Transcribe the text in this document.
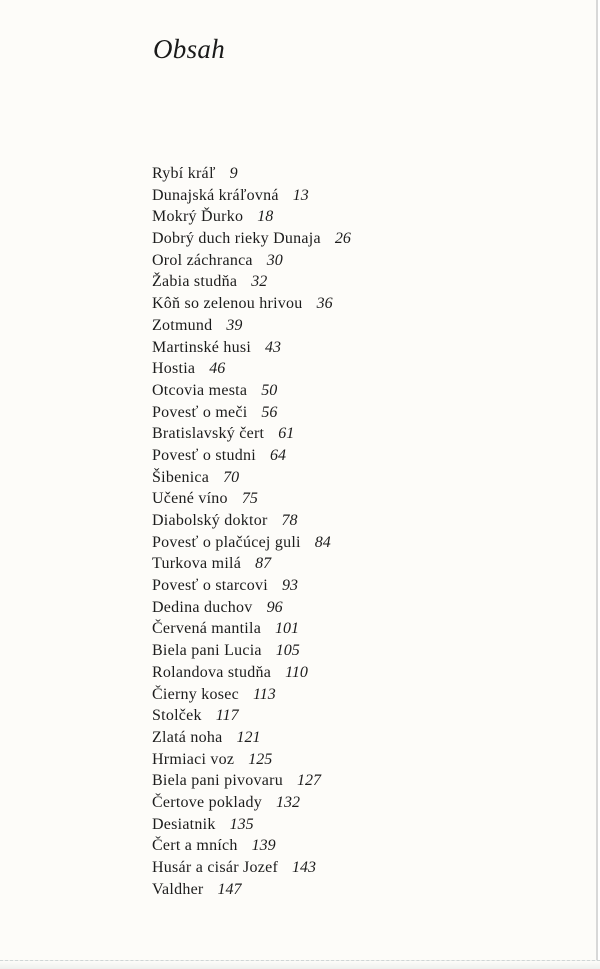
Obsah
Rybí kráľ 9
Dunajská kráľovná 13
Mokrý Ďurko 18
Dobrý duch rieky Dunaja 26
Orol záchranca 30
Žabia studňa 32
Kôň so zelenou hrivou 36
Zotmund 39
Martinské husi 43
Hostia 46
Otcovia mesta 50
Povesť o meči 56
Bratislavský čert 61
Povesť o studni 64
Šibenica 70
Učené víno 75
Diabolský doktor 78
Povesť o plačúcej guli 84
Turkova milá 87
Povesť o starcovi 93
Dedina duchov 96
Červená mantila 101
Biela pani Lucia 105
Rolandova studňa 110
Čierny kosec 113
Stolček 117
Zlatá noha 121
Hrmiaci voz 125
Biela pani pivovaru 127
Čertove poklady 132
Desiatnik 135
Čert a mních 139
Husár a cisár Jozef 143
Valdher 147
